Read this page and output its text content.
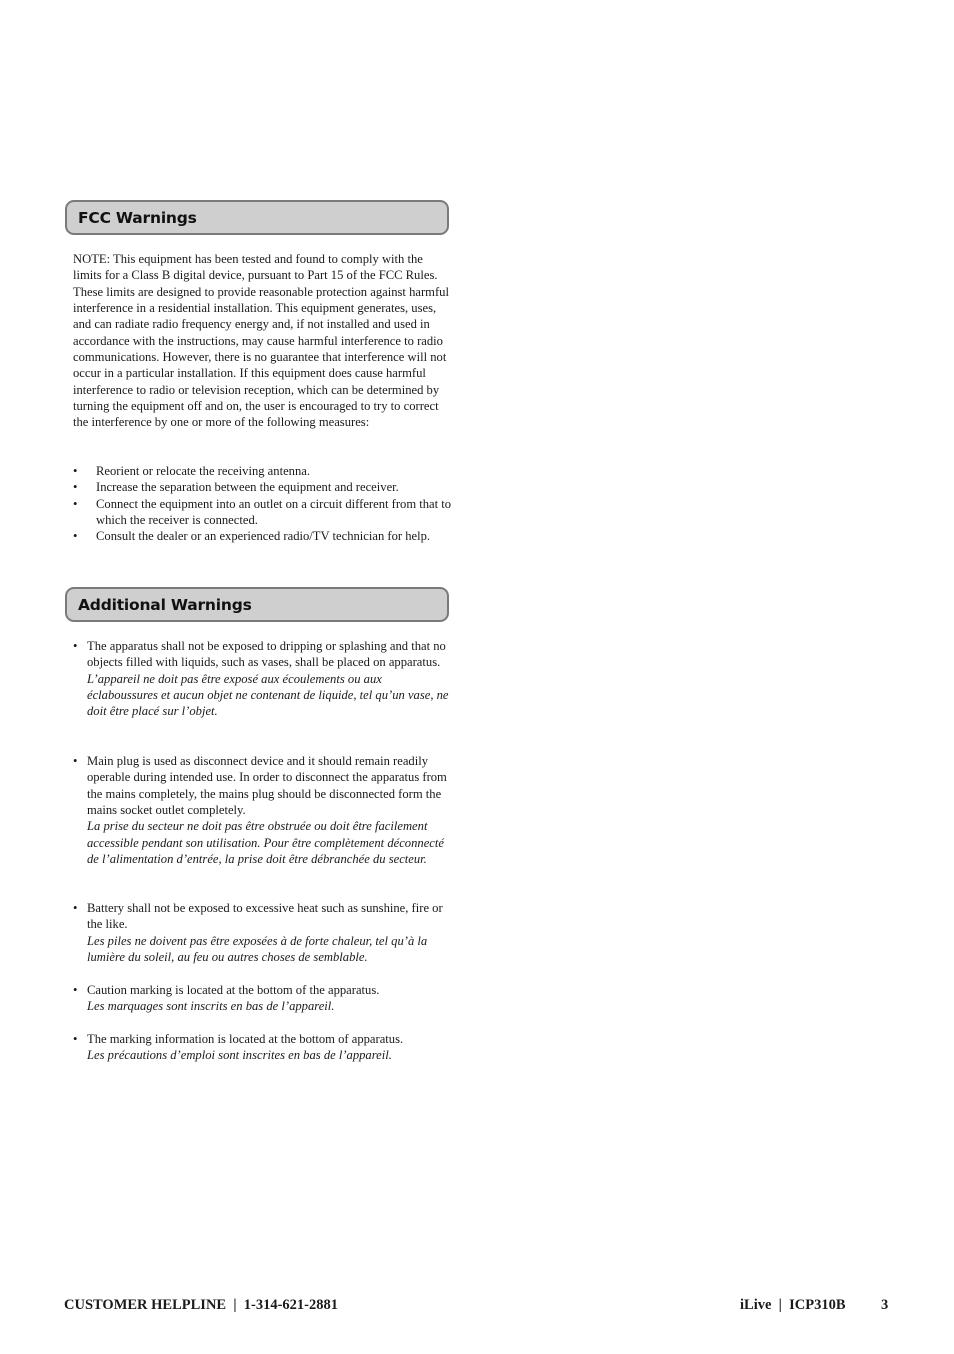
FCC Warnings

NOTE: This equipment has been tested and found to comply with the limits for a Class B digital device, pursuant to Part 15 of the FCC Rules. These limits are designed to provide reasonable protection against harmful interference in a residential installation. This equipment generates, uses, and can radiate radio frequency energy and, if not installed and used in accordance with the instructions, may cause harmful interference to radio communications. However, there is no guarantee that interference will not occur in a particular installation. If this equipment does cause harmful interference to radio or television reception, which can be determined by turning the equipment off and on, the user is encouraged to try to correct the interference by one or more of the following measures:

• Reorient or relocate the receiving antenna.
• Increase the separation between the equipment and receiver.
• Connect the equipment into an outlet on a circuit different from that to which the receiver is connected.
• Consult the dealer or an experienced radio/TV technician for help.
Additional Warnings
• The apparatus shall not be exposed to dripping or splashing and that no objects filled with liquids, such as vases, shall be placed on apparatus.
L’appareil ne doit pas être exposé aux écoulements ou aux éclaboussures et aucun objet ne contenant de liquide, tel qu’un vase, ne doit être placé sur l’objet.
• Main plug is used as disconnect device and it should remain readily operable during intended use. In order to disconnect the apparatus from the mains completely, the mains plug should be disconnected form the mains socket outlet completely.
La prise du secteur ne doit pas être obstruée ou doit être facilement accessible pendant son utilisation. Pour être complètement déconnecté de l’alimentation d’entrée, la prise doit être débranchée du secteur.
• Battery shall not be exposed to excessive heat such as sunshine, fire or the like.
Les piles ne doivent pas être exposées à de forte chaleur, tel qu’à la lumière du soleil, au feu ou autres choses de semblable.
• Caution marking is located at the bottom of the apparatus.
Les marquages sont inscrits en bas de l’appareil.
• The marking information is located at the bottom of apparatus.
Les précautions d’emploi sont inscrites en bas de l’appareil.
CUSTOMER HELPLINE  |  1-314-621-2881	iLive  |  ICP310B 3
